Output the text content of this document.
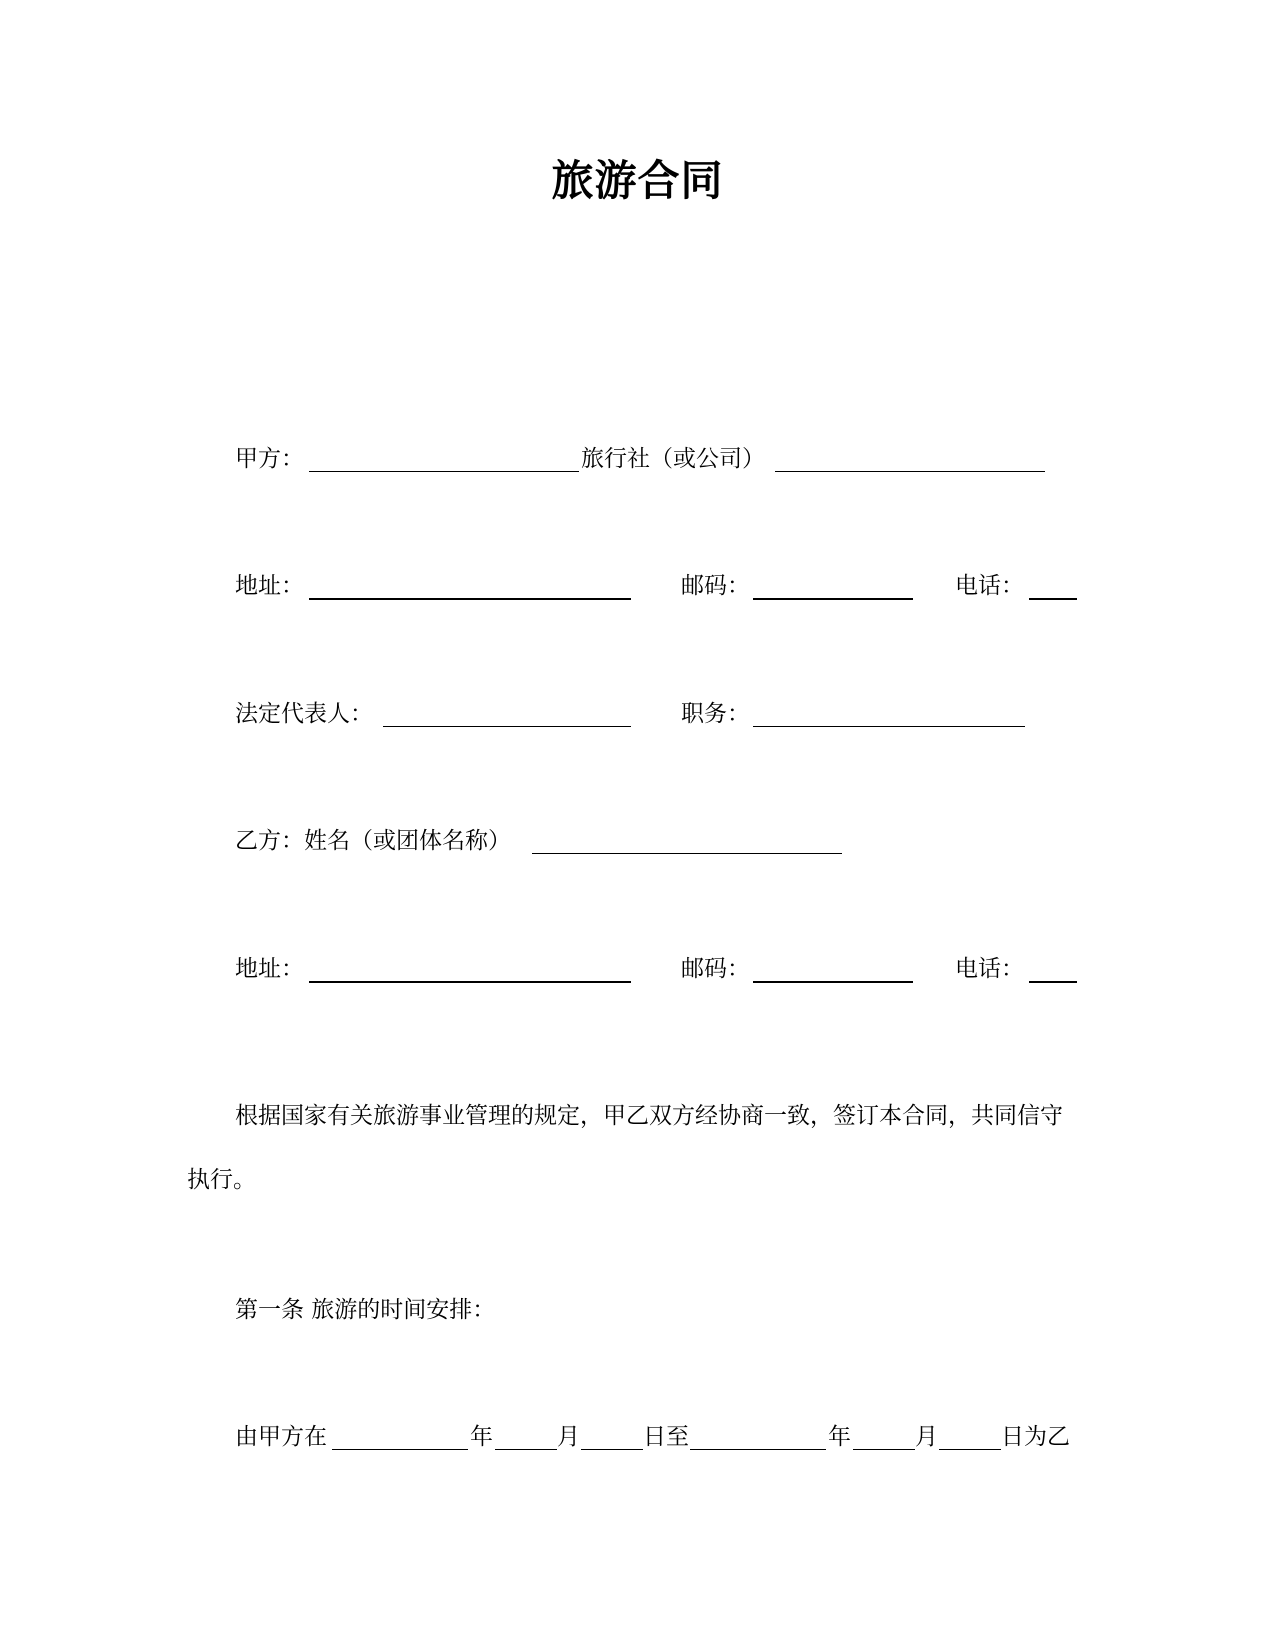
旅游合同
甲方：	旅行社（或公司）
地址：	邮码：	电话：
法定代表人：	职务：
乙方：姓名（或团体名称）
地址：	邮码：	电话：
根据国家有关旅游事业管理的规定，甲乙双方经协商一致，签订本合同，共同信守执行。
第一条 旅游的时间安排：
由甲方在	年	月	日至	年	月	日为乙
